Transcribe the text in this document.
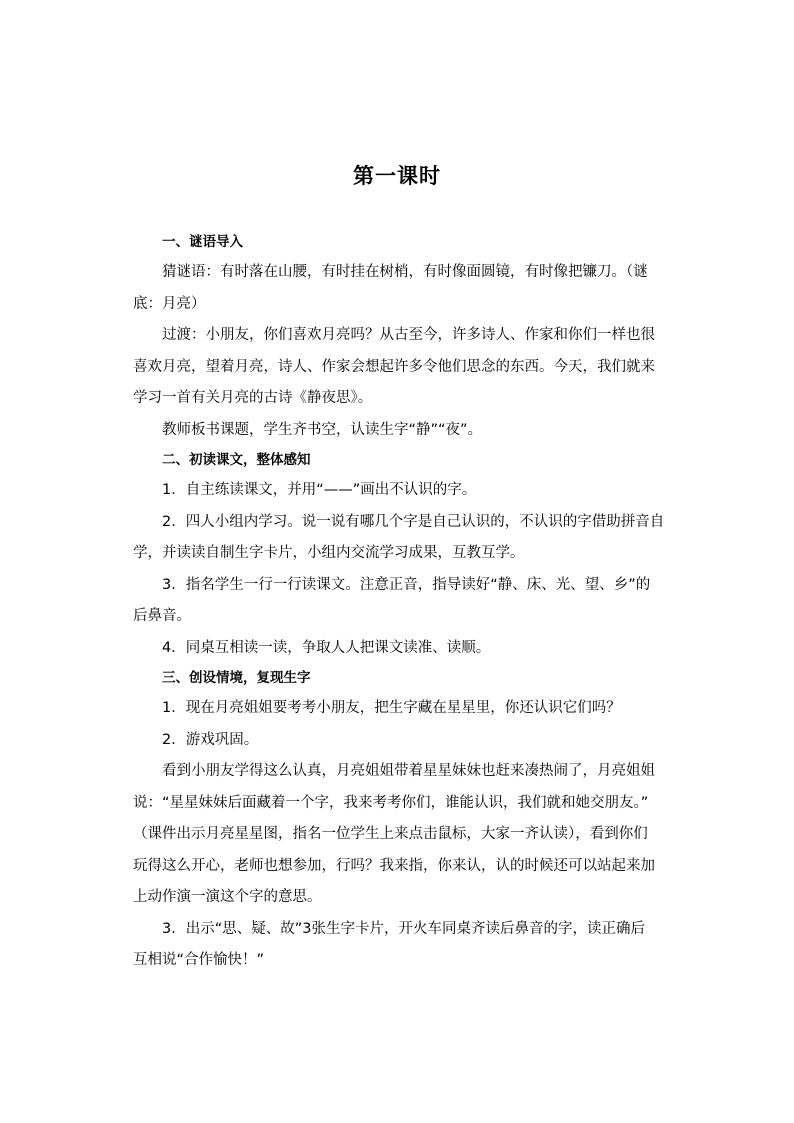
第一课时

一、谜语导入

猜谜语：有时落在山腰，有时挂在树梢，有时像面圆镜，有时像把镰刀。（谜

底：月亮）

过渡：小朋友，你们喜欢月亮吗？从古至今，许多诗人、作家和你们一样也很

喜欢月亮，望着月亮，诗人、作家会想起许多令他们思念的东西。今天，我们就来

学习一首有关月亮的古诗《静夜思》。

教师板书课题，学生齐书空，认读生字“静”“夜”。

二、初读课文，整体感知

1．自主练读课文，并用“——”画出不认识的字。

2．四人小组内学习。说一说有哪几个字是自己认识的，不认识的字借助拼音自

学，并读读自制生字卡片，小组内交流学习成果，互教互学。

3．指名学生一行一行读课文。注意正音，指导读好“静、床、光、望、乡”的

后鼻音。

4．同桌互相读一读，争取人人把课文读准、读顺。

三、创设情境，复现生字

1．现在月亮姐姐要考考小朋友，把生字藏在星星里，你还认识它们吗？

2．游戏巩固。

看到小朋友学得这么认真，月亮姐姐带着星星妹妹也赶来凑热闹了，月亮姐姐

说：“星星妹妹后面藏着一个字，我来考考你们，谁能认识，我们就和她交朋友。”

（课件出示月亮星星图，指名一位学生上来点击鼠标，大家一齐认读），看到你们

玩得这么开心，老师也想参加，行吗？我来指，你来认，认的时候还可以站起来加

上动作演一演这个字的意思。

3．出示“思、疑、故”3张生字卡片，开火车同桌齐读后鼻音的字，读正确后

互相说“合作愉快！”
